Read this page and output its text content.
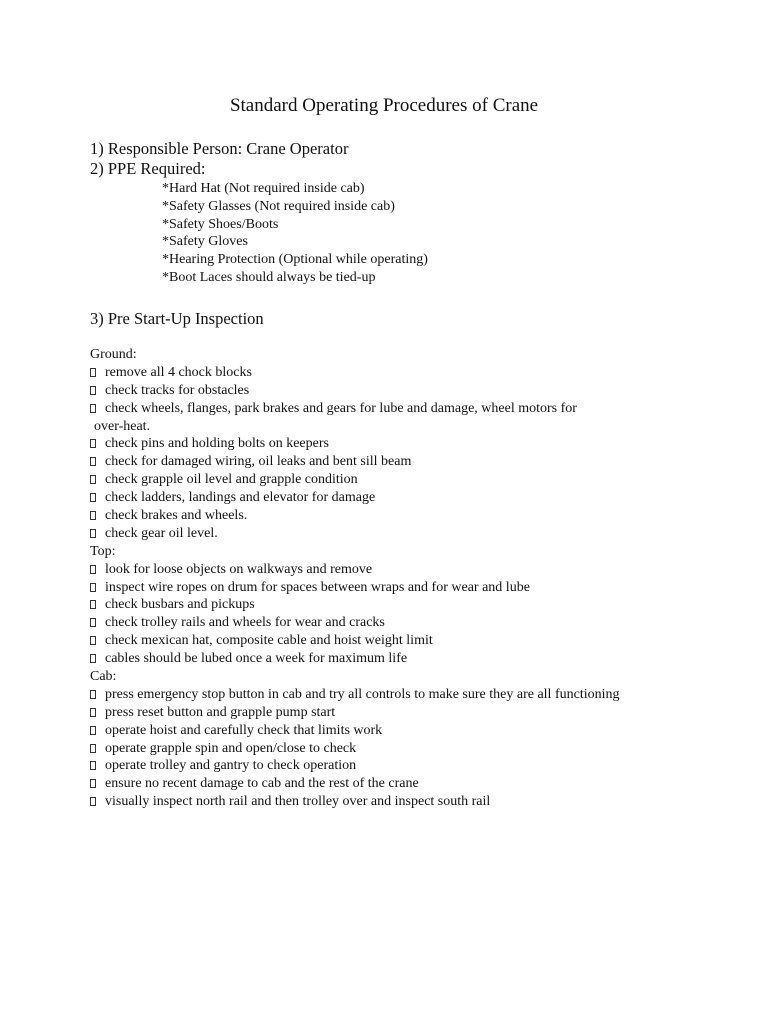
Standard Operating Procedures of Crane
1) Responsible Person: Crane Operator
2) PPE Required:
*Hard Hat (Not required inside cab)
*Safety Glasses (Not required inside cab)
*Safety Shoes/Boots
*Safety Gloves
*Hearing Protection (Optional while operating)
*Boot Laces should always be tied-up
3) Pre Start-Up Inspection
Ground:
remove all 4 chock blocks
check tracks for obstacles
check wheels, flanges, park brakes and gears for lube and damage, wheel motors for
over-heat.
check pins and holding bolts on keepers
check for damaged wiring, oil leaks and bent sill beam
check grapple oil level and grapple condition
check ladders, landings and elevator for damage
check brakes and wheels.
check gear oil level.
Top:
look for loose objects on walkways and remove
inspect wire ropes on drum for spaces between wraps and for wear and lube
check busbars and pickups
check trolley rails and wheels for wear and cracks
check mexican hat, composite cable and hoist weight limit
cables should be lubed once a week for maximum life
Cab:
press emergency stop button in cab and try all controls to make sure they are all functioning
press reset button and grapple pump start
operate hoist and carefully check that limits work
operate grapple spin and open/close to check
operate trolley and gantry to check operation
ensure no recent damage to cab and the rest of the crane
visually inspect north rail and then trolley over and inspect south rail
